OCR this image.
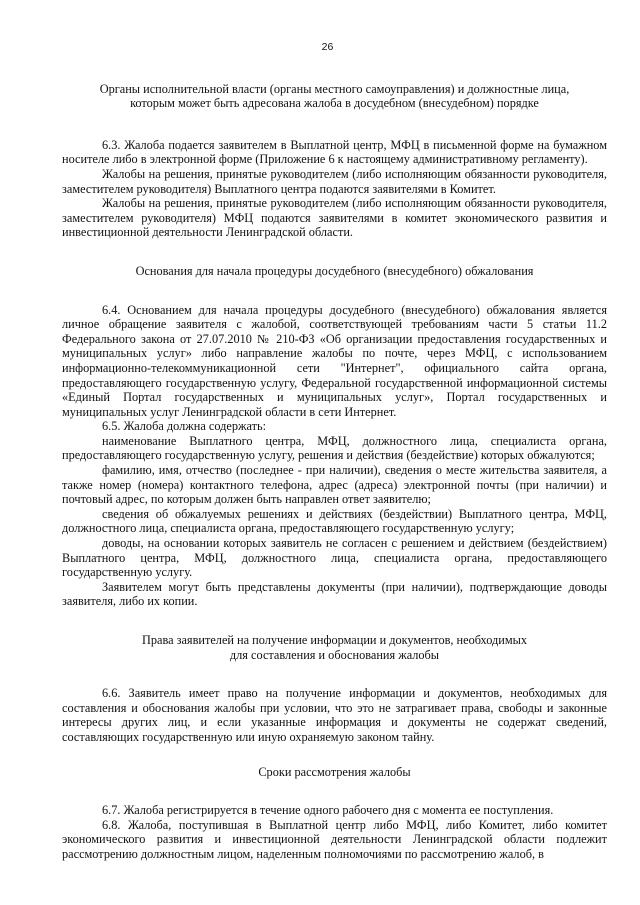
26
Органы исполнительной власти (органы местного самоуправления) и должностные лица,
которым может быть адресована жалоба в досудебном (внесудебном) порядке

6.3. Жалоба подается заявителем в Выплатной центр, МФЦ в письменной форме на бумажном носителе либо в электронной форме (Приложение 6 к настоящему административному регламенту).

Жалобы на решения, принятые руководителем (либо исполняющим обязанности руководителя, заместителем руководителя) Выплатного центра подаются заявителями в Комитет.

Жалобы на решения, принятые руководителем (либо исполняющим обязанности руководителя, заместителем руководителя) МФЦ подаются заявителями в комитет экономического развития и инвестиционной деятельности Ленинградской области.

Основания для начала процедуры досудебного (внесудебного) обжалования

6.4. Основанием для начала процедуры досудебного (внесудебного) обжалования является личное обращение заявителя с жалобой, соответствующей требованиям части 5 статьи 11.2 Федерального закона от 27.07.2010 № 210-ФЗ «Об организации предоставления государственных и муниципальных услуг» либо направление жалобы по почте, через МФЦ, с использованием информационно-телекоммуникационной сети "Интернет", официального сайта органа, предоставляющего государственную услугу, Федеральной государственной информационной системы «Единый Портал государственных и муниципальных услуг», Портал государственных и муниципальных услуг Ленинградской области в сети Интернет.

6.5. Жалоба должна содержать:

наименование Выплатного центра, МФЦ, должностного лица, специалиста органа, предоставляющего государственную услугу, решения и действия (бездействие) которых обжалуются;

фамилию, имя, отчество (последнее - при наличии), сведения о месте жительства заявителя, а также номер (номера) контактного телефона, адрес (адреса) электронной почты (при наличии) и почтовый адрес, по которым должен быть направлен ответ заявителю;

сведения об обжалуемых решениях и действиях (бездействии) Выплатного центра, МФЦ, должностного лица, специалиста органа, предоставляющего государственную услугу;

доводы, на основании которых заявитель не согласен с решением и действием (бездействием) Выплатного центра, МФЦ, должностного лица, специалиста органа, предоставляющего государственную услугу.

Заявителем могут быть представлены документы (при наличии), подтверждающие доводы заявителя, либо их копии.

Права заявителей на получение информации и документов, необходимых
для составления и обоснования жалобы

6.6. Заявитель имеет право на получение информации и документов, необходимых для составления и обоснования жалобы при условии, что это не затрагивает права, свободы и законные интересы других лиц, и если указанные информация и документы не содержат сведений, составляющих государственную или иную охраняемую законом тайну.

Сроки рассмотрения жалобы

6.7. Жалоба регистрируется в течение одного рабочего дня с момента ее поступления.

6.8. Жалоба, поступившая в Выплатной центр либо МФЦ, либо Комитет, либо комитет экономического развития и инвестиционной деятельности Ленинградской области подлежит рассмотрению должностным лицом, наделенным полномочиями по рассмотрению жалоб, в
